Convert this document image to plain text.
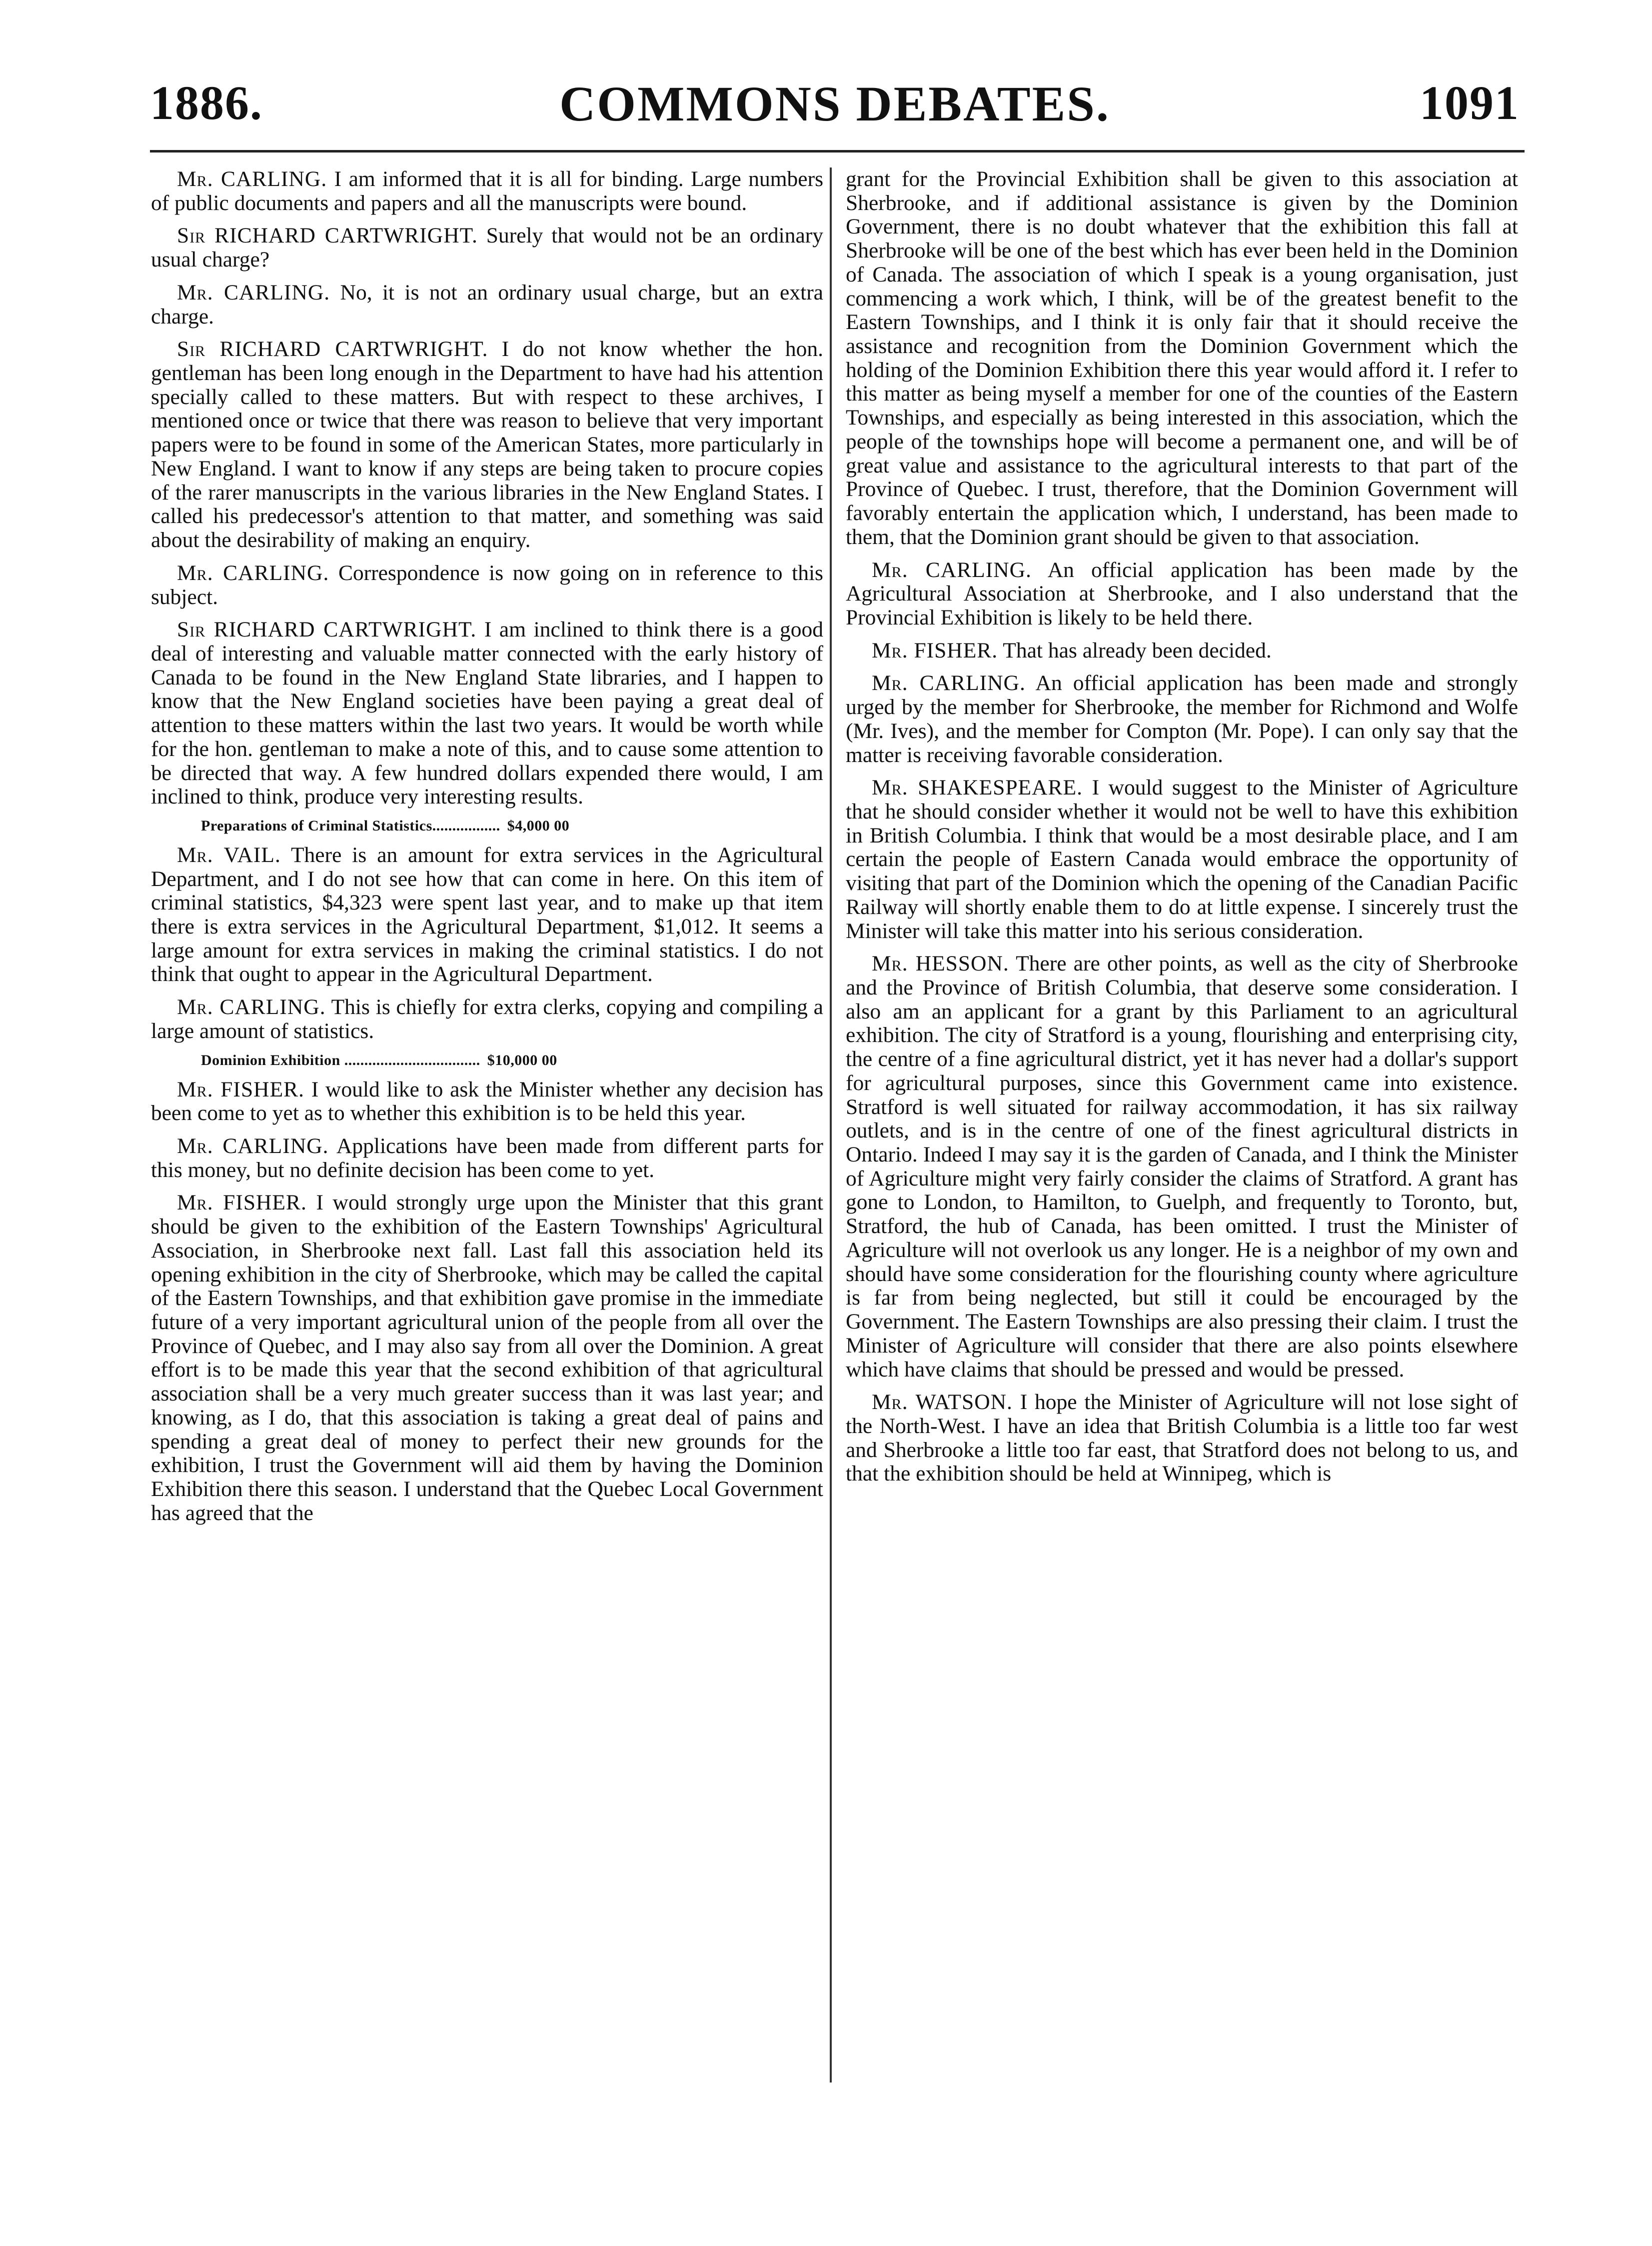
1886.	COMMONS DEBATES.	1091

Mr. CARLING. I am informed that it is all for binding. Large numbers of public documents and papers and all the manuscripts were bound.

Sir RICHARD CARTWRIGHT. Surely that would not be an ordinary usual charge?

Mr. CARLING. No, it is not an ordinary usual charge, but an extra charge.

Sir RICHARD CARTWRIGHT. I do not know whether the hon. gentleman has been long enough in the Department to have had his attention specially called to these matters. But with respect to these archives, I mentioned once or twice that there was reason to believe that very important papers were to be found in some of the American States, more particularly in New England. I want to know if any steps are being taken to procure copies of the rarer manuscripts in the various libraries in the New England States. I called his predecessor's attention to that matter, and something was said about the desirability of making an enquiry.

Mr. CARLING. Correspondence is now going on in reference to this subject.

Sir RICHARD CARTWRIGHT. I am inclined to think there is a good deal of interesting and valuable matter connected with the early history of Canada to be found in the New England State libraries, and I happen to know that the New England societies have been paying a great deal of attention to these matters within the last two years. It would be worth while for the hon. gentleman to make a note of this, and to cause some attention to be directed that way. A few hundred dollars expended there would, I am inclined to think, produce very interesting results.

Preparations of Criminal Statistics................. $4,000 00

Mr. VAIL. There is an amount for extra services in the Agricultural Department, and I do not see how that can come in here. On this item of criminal statistics, $4,323 were spent last year, and to make up that item there is extra services in the Agricultural Department, $1,012. It seems a large amount for extra services in making the criminal statistics. I do not think that ought to appear in the Agricultural Department.

Mr. CARLING. This is chiefly for extra clerks, copying and compiling a large amount of statistics.

Dominion Exhibition .................................. $10,000 00

Mr. FISHER. I would like to ask the Minister whether any decision has been come to yet as to whether this exhibition is to be held this year.

Mr. CARLING. Applications have been made from different parts for this money, but no definite decision has been come to yet.

Mr. FISHER. I would strongly urge upon the Minister that this grant should be given to the exhibition of the Eastern Townships' Agricultural Association, in Sherbrooke next fall. Last fall this association held its opening exhibition in the city of Sherbrooke, which may be called the capital of the Eastern Townships, and that exhibition gave promise in the immediate future of a very important agricultural union of the people from all over the Province of Quebec, and I may also say from all over the Dominion. A great effort is to be made this year that the second exhibition of that agricultural association shall be a very much greater success than it was last year; and knowing, as I do, that this association is taking a great deal of pains and spending a great deal of money to perfect their new grounds for the exhibition, I trust the Government will aid them by having the Dominion Exhibition there this season. I understand that the Quebec Local Government has agreed that the

grant for the Provincial Exhibition shall be given to this association at Sherbrooke, and if additional assistance is given by the Dominion Government, there is no doubt whatever that the exhibition this fall at Sherbrooke will be one of the best which has ever been held in the Dominion of Canada. The association of which I speak is a young organisation, just commencing a work which, I think, will be of the greatest benefit to the Eastern Townships, and I think it is only fair that it should receive the assistance and recognition from the Dominion Government which the holding of the Dominion Exhibition there this year would afford it. I refer to this matter as being myself a member for one of the counties of the Eastern Townships, and especially as being interested in this association, which the people of the townships hope will become a permanent one, and will be of great value and assistance to the agricultural interests to that part of the Province of Quebec. I trust, therefore, that the Dominion Government will favorably entertain the application which, I understand, has been made to them, that the Dominion grant should be given to that association.

Mr. CARLING. An official application has been made by the Agricultural Association at Sherbrooke, and I also understand that the Provincial Exhibition is likely to be held there.

Mr. FISHER. That has already been decided.

Mr. CARLING. An official application has been made and strongly urged by the member for Sherbrooke, the member for Richmond and Wolfe (Mr. Ives), and the member for Compton (Mr. Pope). I can only say that the matter is receiving favorable consideration.

Mr. SHAKESPEARE. I would suggest to the Minister of Agriculture that he should consider whether it would not be well to have this exhibition in British Columbia. I think that would be a most desirable place, and I am certain the people of Eastern Canada would embrace the opportunity of visiting that part of the Dominion which the opening of the Canadian Pacific Railway will shortly enable them to do at little expense. I sincerely trust the Minister will take this matter into his serious consideration.

Mr. HESSON. There are other points, as well as the city of Sherbrooke and the Province of British Columbia, that deserve some consideration. I also am an applicant for a grant by this Parliament to an agricultural exhibition. The city of Stratford is a young, flourishing and enterprising city, the centre of a fine agricultural district, yet it has never had a dollar's support for agricultural purposes, since this Government came into existence. Stratford is well situated for railway accommodation, it has six railway outlets, and is in the centre of one of the finest agricultural districts in Ontario. Indeed I may say it is the garden of Canada, and I think the Minister of Agriculture might very fairly consider the claims of Stratford. A grant has gone to London, to Hamilton, to Guelph, and frequently to Toronto, but, Stratford, the hub of Canada, has been omitted. I trust the Minister of Agriculture will not overlook us any longer. He is a neighbor of my own and should have some consideration for the flourishing county where agriculture is far from being neglected, but still it could be encouraged by the Government. The Eastern Townships are also pressing their claim. I trust the Minister of Agriculture will consider that there are also points elsewhere which have claims that should be pressed and would be pressed.

Mr. WATSON. I hope the Minister of Agriculture will not lose sight of the North-West. I have an idea that British Columbia is a little too far west and Sherbrooke a little too far east, that Stratford does not belong to us, and that the exhibition should be held at Winnipeg, which is
